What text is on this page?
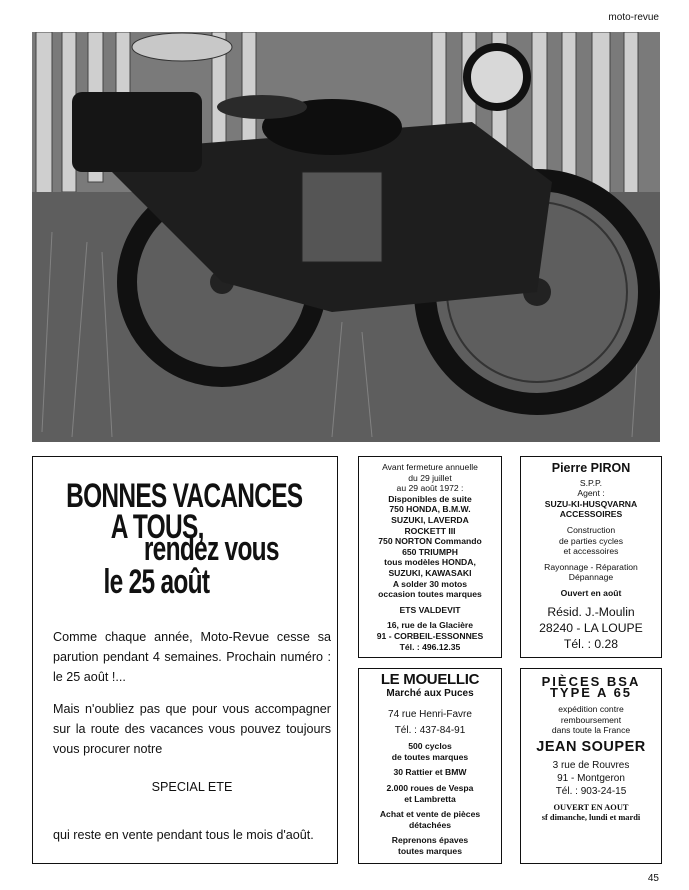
moto-revue
BONNES VACANCES
A TOUS,
rendez vous
le 25 août

Comme chaque année, Moto-Revue cesse sa parution pendant 4 semaines. Prochain numéro : le 25 août !...

Mais n'oubliez pas que pour vous accompagner sur la route des vacances vous pouvez toujours vous procurer notre

SPECIAL ETE

qui reste en vente pendant tous le mois d'août.

Avant fermeture annuelle
du 29 juillet
au 29 août 1972 :
Disponibles de suite
750 HONDA, B.M.W.
SUZUKI, LAVERDA
ROCKETT III
750 NORTON Commando
650 TRIUMPH
tous modèles HONDA,
SUZUKI, KAWASAKI
A solder 30 motos
occasion toutes marques
ETS VALDEVIT
16, rue de la Glacière
91 - CORBEIL-ESSONNES
Tél. : 496.12.35
Pierre PIRON
S.P.P.
Agent :
SUZU-KI-HUSQVARNA
ACCESSOIRES
Construction
de parties cycles
et accessoires
Rayonnage - Réparation
Dépannage
Ouvert en août
Résid. J.-Moulin
28240 - LA LOUPE
Tél. : 0.28
LE MOUELLIC
Marché aux Puces
74 rue Henri-Favre
Tél. : 437-84-91
500 cyclos
de toutes marques
30 Rattier et BMW
2.000 roues de Vespa
et Lambretta
Achat et vente de pièces
détachées
Reprenons épaves
toutes marques
PIÈCES BSA
TYPE A 65
expédition contre
remboursement
dans toute la France
JEAN SOUPER
3 rue de Rouvres
91 - Montgeron
Tél. : 903-24-15
OUVERT EN AOUT
sf dimanche, lundi et mardi
45
